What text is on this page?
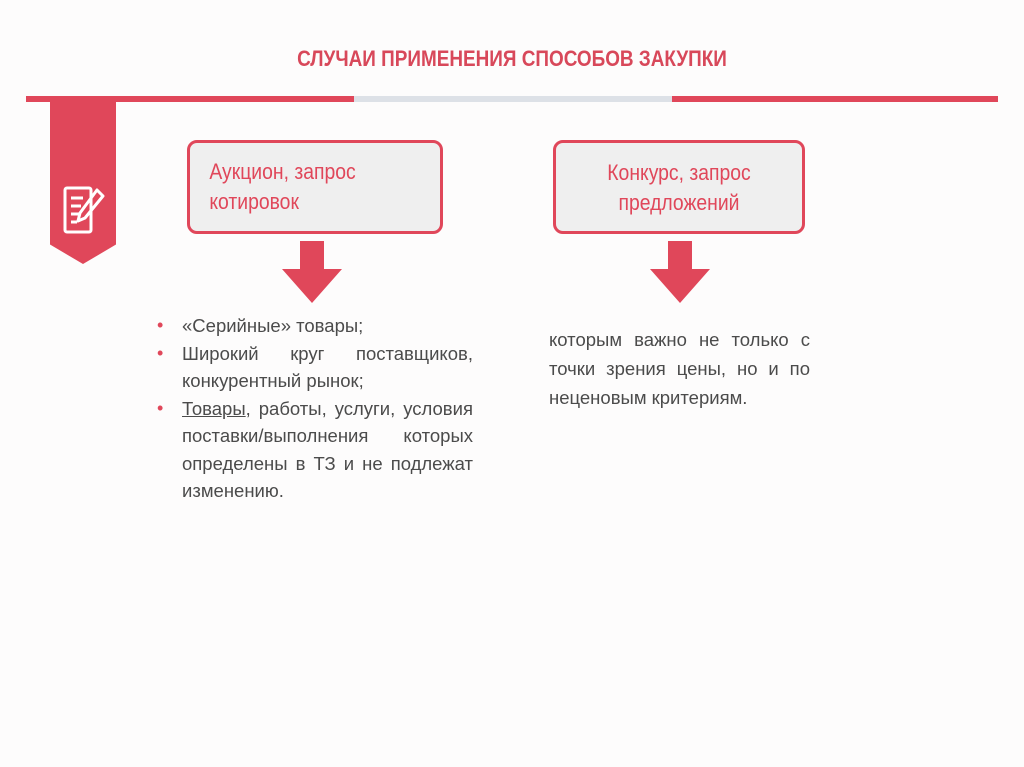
СЛУЧАИ ПРИМЕНЕНИЯ СПОСОБОВ ЗАКУПКИ
Аукцион, запрос
котировок
Конкурс, запрос
предложений
• «Серийные» товары;
• Широкий круг поставщиков, конкурентный рынок;
• Товары, работы, услуги, условия поставки/выполнения которых определены в ТЗ и не подлежат изменению.
которым важно не только с
точки зрения цены, но и по
неценовым критериям.
